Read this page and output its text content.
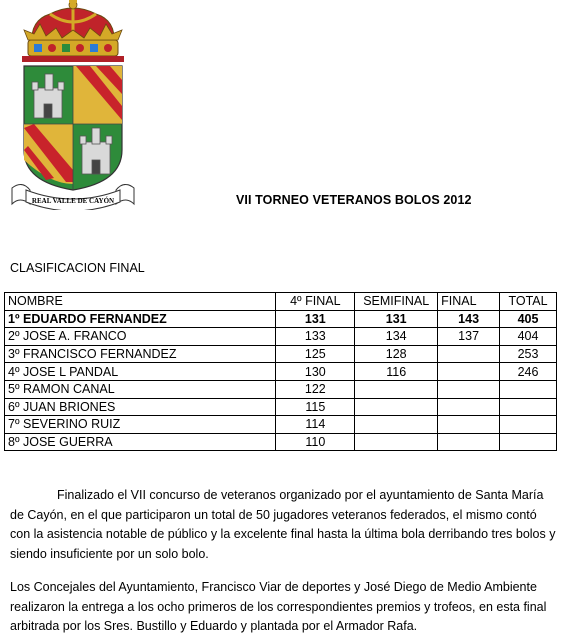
REAL VALLE DE CAYÓN	VII TORNEO VETERANOS BOLOS 2012
CLASIFICACION FINAL
NOMBRE	4º FINAL	SEMIFINAL	FINAL	TOTAL
1º EDUARDO FERNANDEZ	131	131	143	405
2º JOSE A. FRANCO	133	134	137	404
3º FRANCISCO FERNANDEZ	125	128		253
4º JOSE L PANDAL	130	116		246
5º RAMON CANAL	122			
6º JUAN BRIONES	115			
7º SEVERINO RUIZ	114			
8º JOSE GUERRA	110			

Finalizado el VII concurso de veteranos organizado por el ayuntamiento de Santa María de Cayón, en el que participaron un total de 50 jugadores veteranos federados, el mismo contó con la asistencia notable de público y la excelente final hasta la última bola derribando tres bolos y siendo insuficiente por un solo bolo.

Los Concejales del Ayuntamiento, Francisco Viar de deportes y José Diego de Medio Ambiente realizaron la entrega a los ocho primeros de los correspondientes premios y trofeos, en esta final arbitrada por los Sres. Bustillo y Eduardo y plantada por el Armador Rafa.
